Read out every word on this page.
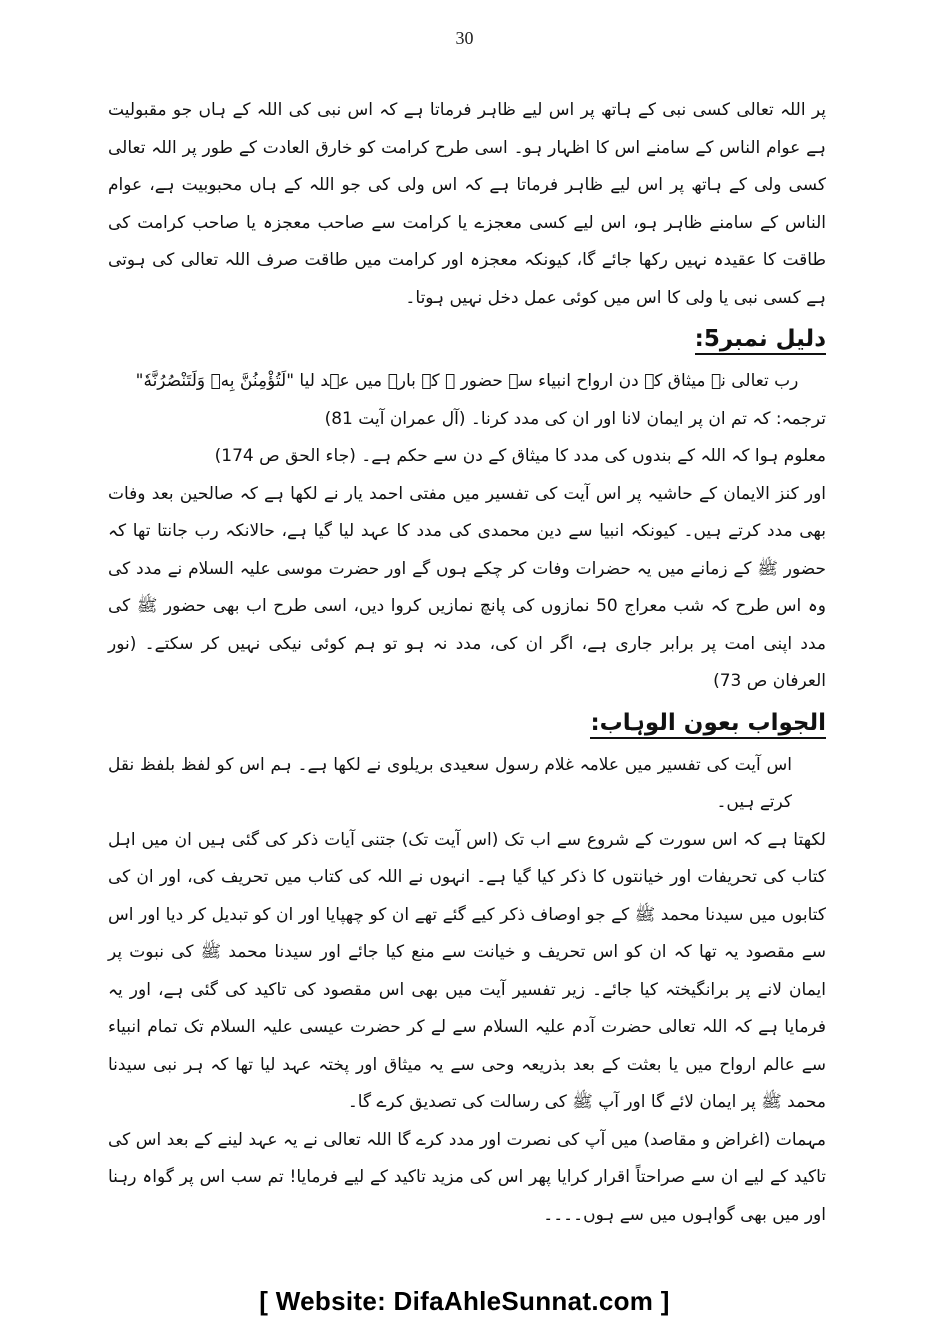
30

پر اللہ تعالی کسی نبی کے ہاتھ پر اس لیے ظاہر فرماتا ہے کہ اس نبی کی اللہ کے ہاں جو مقبولیت ہے عوام الناس کے سامنے اس کا اظہار ہو۔ اسی طرح کرامت کو خارق العادت کے طور پر اللہ تعالی کسی ولی کے ہاتھ پر اس لیے ظاہر فرماتا ہے کہ اس ولی کی جو اللہ کے ہاں محبوبیت ہے، عوام الناس کے سامنے ظاہر ہو، اس لیے کسی معجزے یا کرامت سے صاحب معجزہ یا صاحب کرامت کی طاقت کا عقیدہ نہیں رکھا جائے گا، کیونکہ معجزہ اور کرامت میں طاقت صرف اللہ تعالی کی ہوتی ہے کسی نبی یا ولی کا اس میں کوئی عمل دخل نہیں ہوتا۔

دلیل نمبر5:

رب تعالی نے میثاق کے دن ارواح انبیاء سے حضور ﷺ کے بارے میں عہد لیا "لَتُؤْمِنُنَّ بِهٖ وَلَتَنْصُرُنَّهٗ"

ترجمہ: کہ تم ان پر ایمان لانا اور ان کی مدد کرنا۔ (آل عمران آیت 81)

معلوم ہوا کہ اللہ کے بندوں کی مدد کا میثاق کے دن سے حکم ہے۔ (جاء الحق ص 174)

اور کنز الایمان کے حاشیہ پر اس آیت کی تفسیر میں مفتی احمد یار نے لکھا ہے کہ صالحین بعد وفات بھی مدد کرتے ہیں۔ کیونکہ انبیا سے دین محمدی کی مدد کا عہد لیا گیا ہے، حالانکہ رب جانتا تھا کہ حضور ﷺ کے زمانے میں یہ حضرات وفات کر چکے ہوں گے اور حضرت موسی علیہ السلام نے مدد کی وہ اس طرح کہ شب معراج 50 نمازوں کی پانچ نمازیں کروا دیں، اسی طرح اب بھی حضور ﷺ کی مدد اپنی امت پر برابر جاری ہے، اگر ان کی، مدد نہ ہو تو ہم کوئی نیکی نہیں کر سکتے۔ (نور العرفان ص 73)

الجواب بعون الوہاب:

اس آیت کی تفسیر میں علامہ غلام رسول سعیدی بریلوی نے لکھا ہے۔ ہم اس کو لفظ بلفظ نقل کرتے ہیں۔

لکھتا ہے کہ اس سورت کے شروع سے اب تک (اس آیت تک) جتنی آیات ذکر کی گئی ہیں ان میں اہل کتاب کی تحریفات اور خیانتوں کا ذکر کیا گیا ہے۔ انہوں نے اللہ کی کتاب میں تحریف کی، اور ان کی کتابوں میں سیدنا محمد ﷺ کے جو اوصاف ذکر کیے گئے تھے ان کو چھپایا اور ان کو تبدیل کر دیا اور اس سے مقصود یہ تھا کہ ان کو اس تحریف و خیانت سے منع کیا جائے اور سیدنا محمد ﷺ کی نبوت پر ایمان لانے پر برانگیختہ کیا جائے۔ زیر تفسیر آیت میں بھی اس مقصود کی تاکید کی گئی ہے، اور یہ فرمایا ہے کہ اللہ تعالی حضرت آدم علیہ السلام سے لے کر حضرت عیسی علیہ السلام تک تمام انبیاء سے عالم ارواح میں یا بعثت کے بعد بذریعہ وحی سے یہ میثاق اور پختہ عہد لیا تھا کہ ہر نبی سیدنا محمد ﷺ پر ایمان لائے گا اور آپ ﷺ کی رسالت کی تصدیق کرے گا۔

مہمات (اغراض و مقاصد) میں آپ کی نصرت اور مدد کرے گا اللہ تعالی نے یہ عہد لینے کے بعد اس کی تاکید کے لیے ان سے صراحتاً اقرار کرایا پھر اس کی مزید تاکید کے لیے فرمایا! تم سب اس پر گواہ رہنا اور میں بھی گواہوں میں سے ہوں۔۔۔۔

[ Website: DifaAhleSunnat.com ]
